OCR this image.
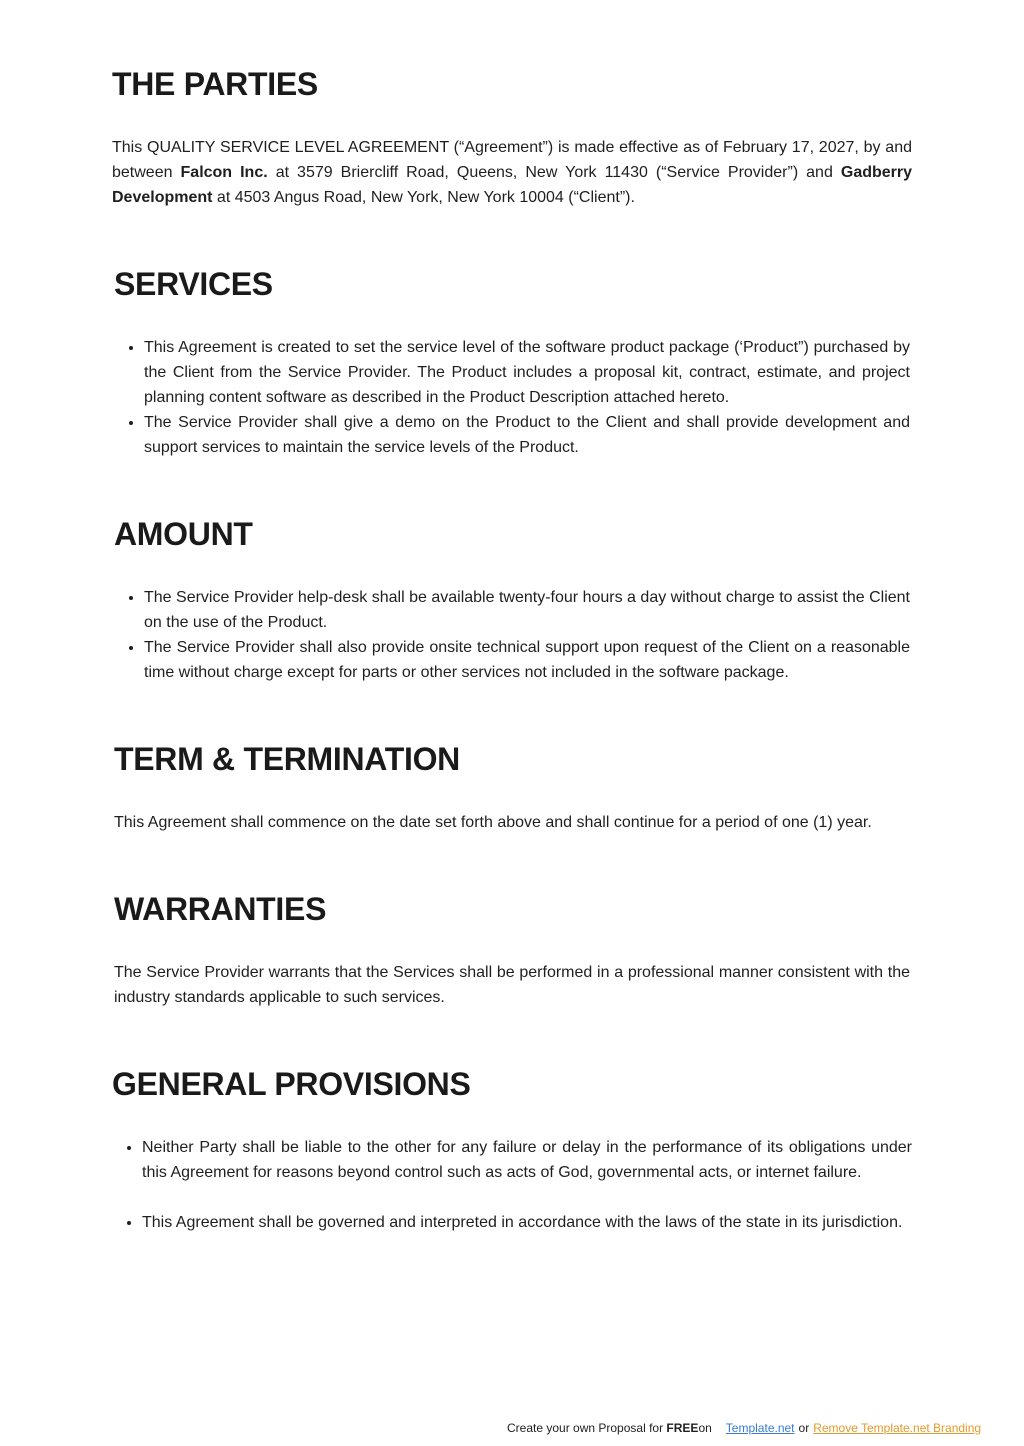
THE PARTIES

This QUALITY SERVICE LEVEL AGREEMENT (“Agreement”) is made effective as of February 17, 2027, by and between Falcon Inc. at 3579 Briercliff Road, Queens, New York 11430 (“Service Provider”) and Gadberry Development at 4503 Angus Road, New York, New York 10004 (“Client”).

SERVICES
• This Agreement is created to set the service level of the software product package (‘Product”) purchased by the Client from the Service Provider. The Product includes a proposal kit, contract, estimate, and project planning content software as described in the Product Description attached hereto.
• The Service Provider shall give a demo on the Product to the Client and shall provide development and support services to maintain the service levels of the Product.
AMOUNT
• The Service Provider help-desk shall be available twenty-four hours a day without charge to assist the Client on the use of the Product.
• The Service Provider shall also provide onsite technical support upon request of the Client on a reasonable time without charge except for parts or other services not included in the software package.
TERM & TERMINATION

This Agreement shall commence on the date set forth above and shall continue for a period of one (1) year.

WARRANTIES

The Service Provider warrants that the Services shall be performed in a professional manner consistent with the industry standards applicable to such services.

GENERAL PROVISIONS
• Neither Party shall be liable to the other for any failure or delay in the performance of its obligations under this Agreement for reasons beyond control such as acts of God, governmental acts, or internet failure.
• This Agreement shall be governed and interpreted in accordance with the laws of the state in its jurisdiction.
Create your own Proposal for FREEon Template.net or Remove Template.net Branding
